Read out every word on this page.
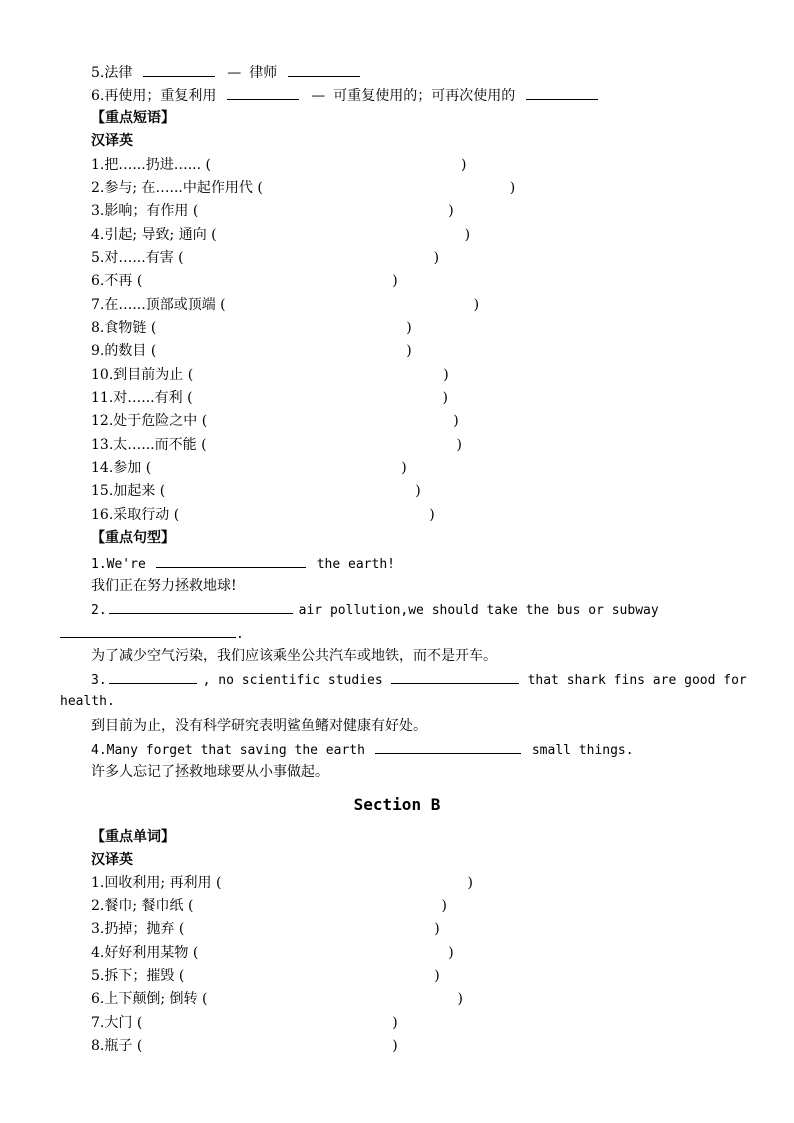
5.法律	— 律师
6.再使用；重复利用	— 可重复使用的；可再次使用的
【重点短语】
汉译英
1.把…...扔进…... (	)
2.参与; 在…...中起作用代 (	)
3.影响；有作用 (	)
4.引起; 导致; 通向 (	)
5.对…...有害 (	)
6.不再 (	)
7.在…...顶部或顶端 (	)
8.食物链 (	)
9.的数目 (	)
10.到目前为止 (	)
11.对…...有利 (	)
12.处于危险之中 (	)
13.太…...而不能 (	)
14.参加 (	)
15.加起来 (	)
16.采取行动 (	)
【重点句型】
1.We're	the earth!
我们正在努力拯救地球!
2.	air pollution,we should take the bus or subway
.
为了减少空气污染，我们应该乘坐公共汽车或地铁，而不是开车。
3.	, no scientific studies	that shark fins are good for
health.
到目前为止，没有科学研究表明鲨鱼鳍对健康有好处。
4.Many forget that saving the earth	small things.
许多人忘记了拯救地球要从小事做起。
Section B
【重点单词】
汉译英
1.回收利用; 再利用 (	)
2.餐巾; 餐巾纸 (	)
3.扔掉；抛弃 (	)
4.好好利用某物 (	)
5.拆下；摧毁 (	)
6.上下颠倒; 倒转 (	)
7.大门 (	)
8.瓶子 (	)
